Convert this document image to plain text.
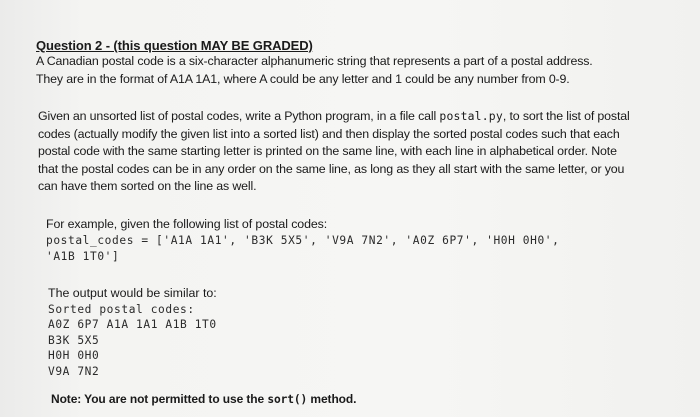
Question 2 - (this question MAY BE GRADED)
A Canadian postal code is a six-character alphanumeric string that represents a part of a postal address.
They are in the format of A1A 1A1, where A could be any letter and 1 could be any number from 0-9.
Given an unsorted list of postal codes, write a Python program, in a file call postal.py, to sort the list of postal
codes (actually modify the given list into a sorted list) and then display the sorted postal codes such that each
postal code with the same starting letter is printed on the same line, with each line in alphabetical order. Note
that the postal codes can be in any order on the same line, as long as they all start with the same letter, or you
can have them sorted on the line as well.
For example, given the following list of postal codes:
postal_codes = ['A1A 1A1', 'B3K 5X5', 'V9A 7N2', 'A0Z 6P7', 'H0H 0H0',
'A1B 1T0']
The output would be similar to:
Sorted postal codes:
A0Z 6P7 A1A 1A1 A1B 1T0
B3K 5X5
H0H 0H0
V9A 7N2
Note: You are not permitted to use the sort() method.
